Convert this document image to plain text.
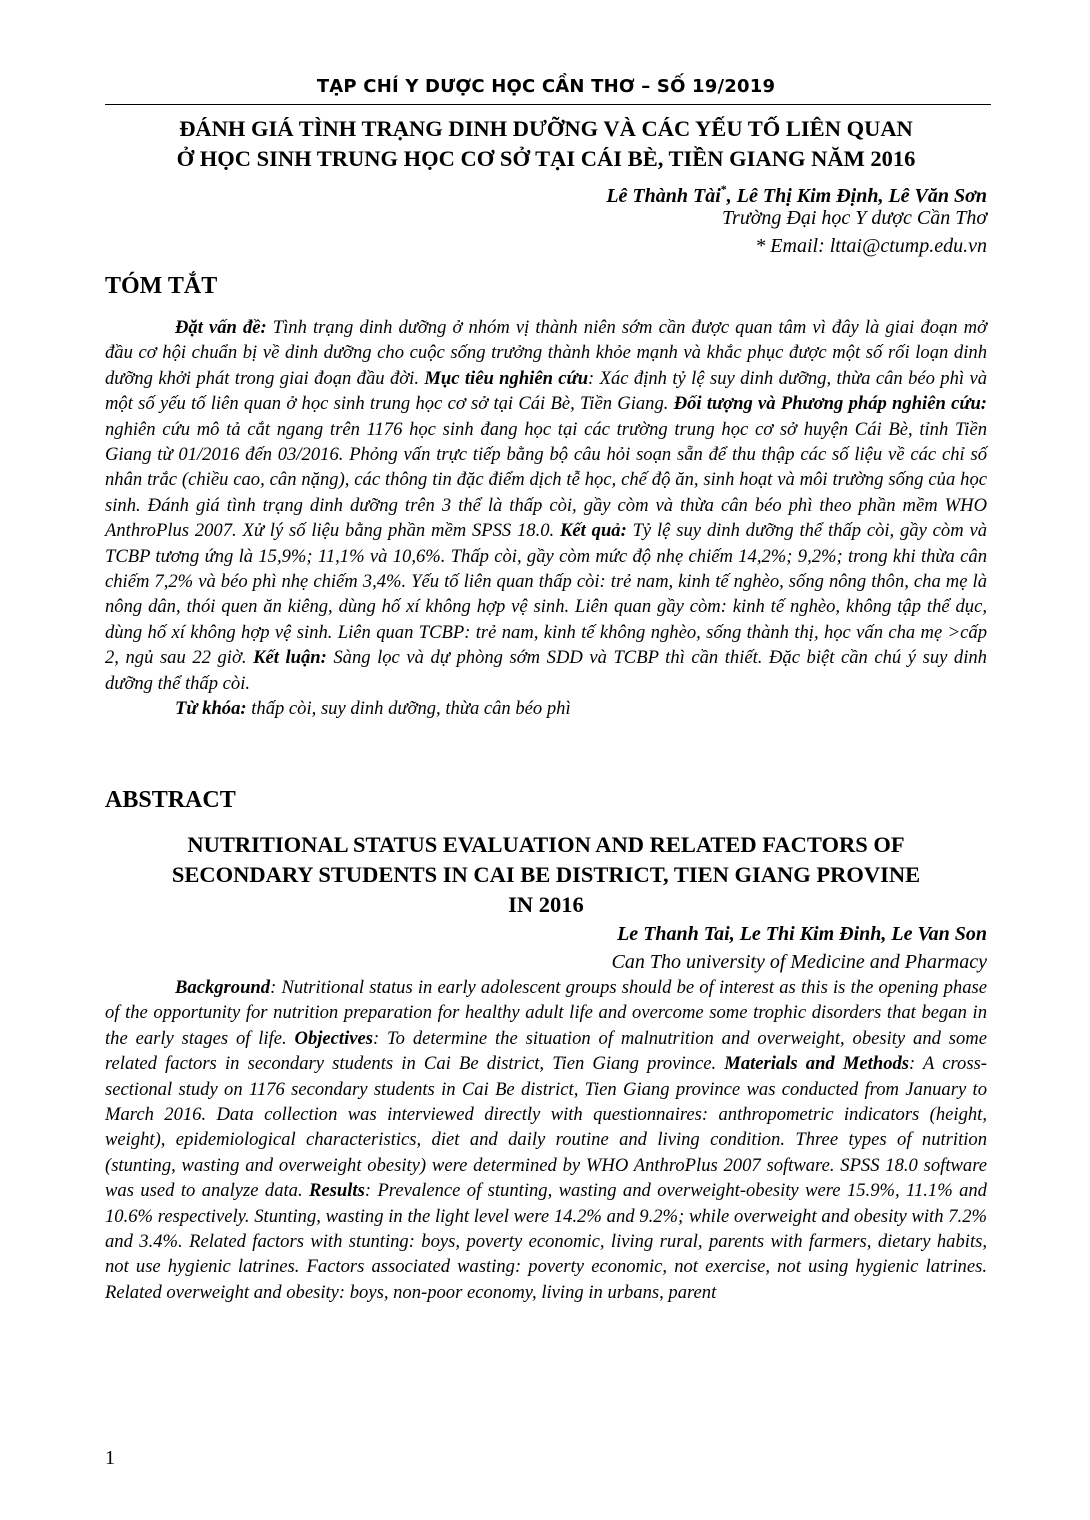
TẠP CHÍ Y DƯỢC HỌC CẦN THƠ – SỐ 19/2019
ĐÁNH GIÁ TÌNH TRẠNG DINH DƯỠNG VÀ CÁC YẾU TỐ LIÊN QUAN
Ở HỌC SINH TRUNG HỌC CƠ SỞ TẠI CÁI BÈ, TIỀN GIANG NĂM 2016
Lê Thành Tài*, Lê Thị Kim Định, Lê Văn Sơn
Trường Đại học Y dược Cần Thơ
* Email: lttai@ctump.edu.vn
TÓM TẮT
Đặt vấn đề: Tình trạng dinh dưỡng ở nhóm vị thành niên sớm cần được quan tâm vì đây là giai đoạn mở đầu cơ hội chuẩn bị về dinh dưỡng cho cuộc sống trưởng thành khỏe mạnh và khắc phục được một số rối loạn dinh dưỡng khởi phát trong giai đoạn đầu đời. Mục tiêu nghiên cứu: Xác định tỷ lệ suy dinh dưỡng, thừa cân béo phì và một số yếu tố liên quan ở học sinh trung học cơ sở tại Cái Bè, Tiền Giang. Đối tượng và Phương pháp nghiên cứu: nghiên cứu mô tả cắt ngang trên 1176 học sinh đang học tại các trường trung học cơ sở huyện Cái Bè, tỉnh Tiền Giang từ 01/2016 đến 03/2016. Phỏng vấn trực tiếp bằng bộ câu hỏi soạn sẵn để thu thập các số liệu về các chỉ số nhân trắc (chiều cao, cân nặng), các thông tin đặc điểm dịch tễ học, chế độ ăn, sinh hoạt và môi trường sống của học sinh. Đánh giá tình trạng dinh dưỡng trên 3 thể là thấp còi, gầy còm và thừa cân béo phì theo phần mềm WHO AnthroPlus 2007. Xử lý số liệu bằng phần mềm SPSS 18.0. Kết quả: Tỷ lệ suy dinh dưỡng thể thấp còi, gầy còm và TCBP tương ứng là 15,9%; 11,1% và 10,6%. Thấp còi, gầy còm mức độ nhẹ chiếm 14,2%; 9,2%; trong khi thừa cân chiếm 7,2% và béo phì nhẹ chiếm 3,4%. Yếu tố liên quan thấp còi: trẻ nam, kinh tế nghèo, sống nông thôn, cha mẹ là nông dân, thói quen ăn kiêng, dùng hố xí không hợp vệ sinh. Liên quan gầy còm: kinh tế nghèo, không tập thể dục, dùng hố xí không hợp vệ sinh. Liên quan TCBP: trẻ nam, kinh tế không nghèo, sống thành thị, học vấn cha mẹ >cấp 2, ngủ sau 22 giờ. Kết luận: Sàng lọc và dự phòng sớm SDD và TCBP thì cần thiết. Đặc biệt cần chú ý suy dinh dưỡng thể thấp còi.
Từ khóa: thấp còi, suy dinh dưỡng, thừa cân béo phì
ABSTRACT
NUTRITIONAL STATUS EVALUATION AND RELATED FACTORS OF
SECONDARY STUDENTS IN CAI BE DISTRICT, TIEN GIANG PROVINE
IN 2016
Le Thanh Tai, Le Thi Kim Đinh, Le Van Son
Can Tho university of Medicine and Pharmacy
Background: Nutritional status in early adolescent groups should be of interest as this is the opening phase of the opportunity for nutrition preparation for healthy adult life and overcome some trophic disorders that began in the early stages of life. Objectives: To determine the situation of malnutrition and overweight, obesity and some related factors in secondary students in Cai Be district, Tien Giang province. Materials and Methods: A cross-sectional study on 1176 secondary students in Cai Be district, Tien Giang province was conducted from January to March 2016. Data collection was interviewed directly with questionnaires: anthropometric indicators (height, weight), epidemiological characteristics, diet and daily routine and living condition. Three types of nutrition (stunting, wasting and overweight obesity) were determined by WHO AnthroPlus 2007 software. SPSS 18.0 software was used to analyze data. Results: Prevalence of stunting, wasting and overweight-obesity were 15.9%, 11.1% and 10.6% respectively. Stunting, wasting in the light level were 14.2% and 9.2%; while overweight and obesity with 7.2% and 3.4%. Related factors with stunting: boys, poverty economic, living rural, parents with farmers, dietary habits, not use hygienic latrines. Factors associated wasting: poverty economic, not exercise, not using hygienic latrines. Related overweight and obesity: boys, non-poor economy, living in urbans, parent
1
